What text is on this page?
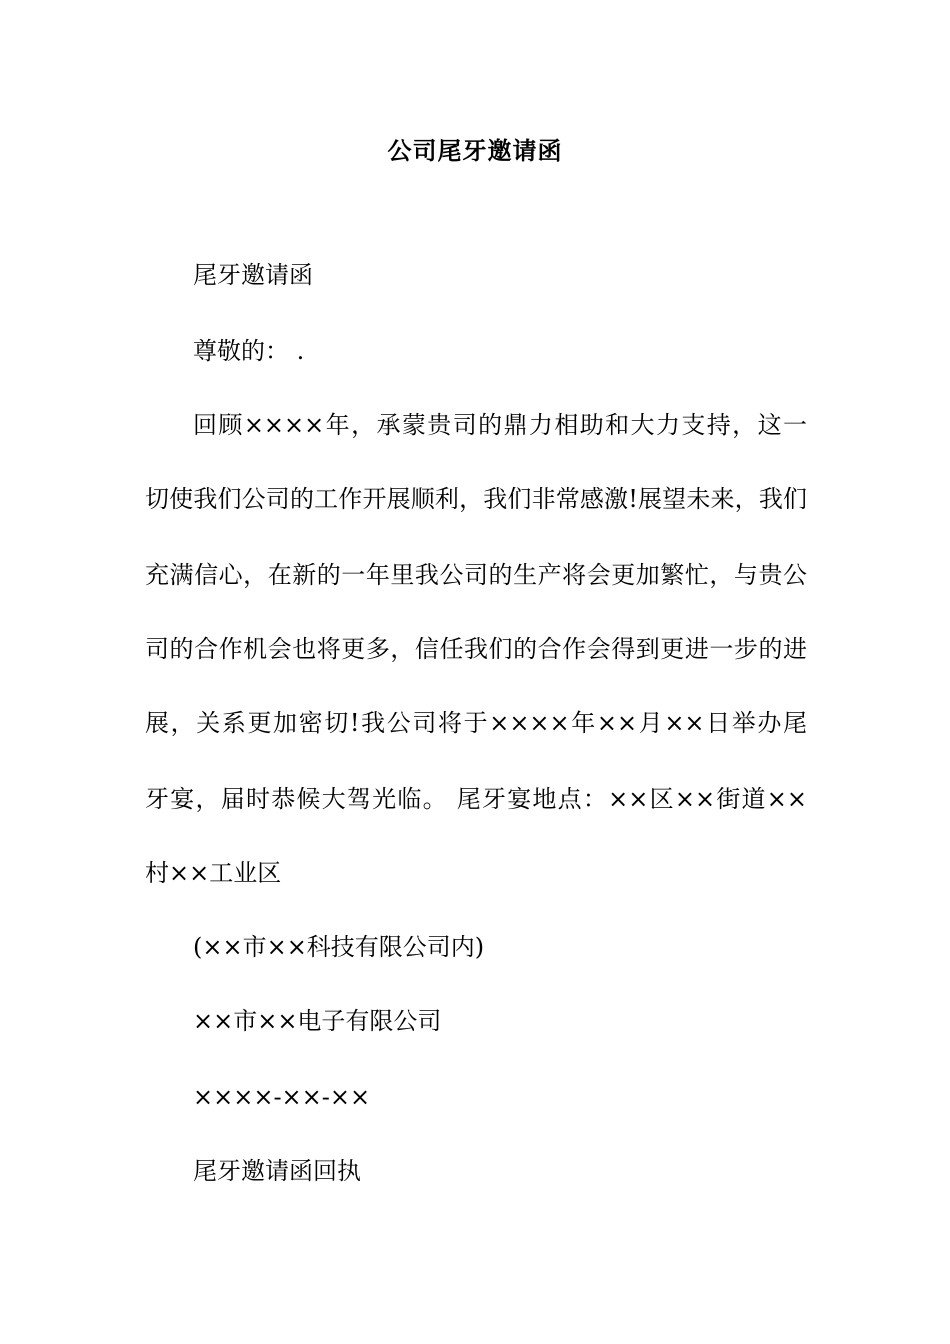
公司尾牙邀请函
尾牙邀请函
尊敬的： .
回顾××××年，承蒙贵司的鼎力相助和大力支持，这一
切使我们公司的工作开展顺利，我们非常感激!展望未来，我们
充满信心，在新的一年里我公司的生产将会更加繁忙，与贵公
司的合作机会也将更多，信任我们的合作会得到更进一步的进
展，关系更加密切!我公司将于××××年××月××日举办尾
牙宴，届时恭候大驾光临。 尾牙宴地点：××区××街道××
村××工业区
(××市××科技有限公司内)
××市××电子有限公司
××××-××-××
尾牙邀请函回执
